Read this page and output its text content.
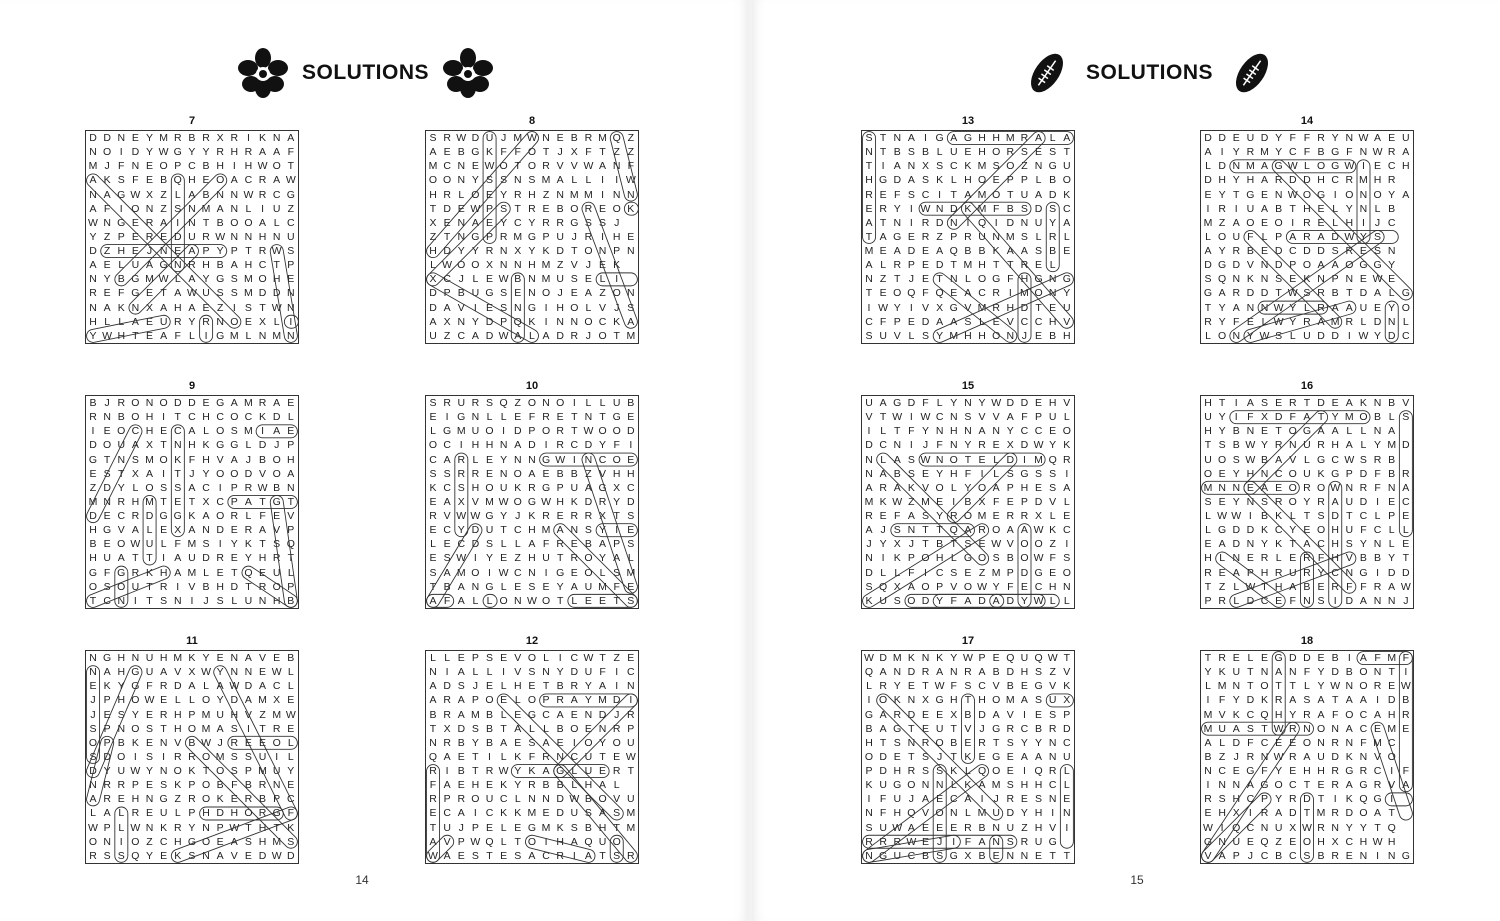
SOLUTIONS
14
SOLUTIONS
15
7
D D N E Y M R B R X R I K N A
N O I D Y W G Y Y R H R A A F
M J F N E O P C B H I H W O T
A K S F E B Q H E O A C R A W
N A G W X Z L A B N N W R C G
A F I O N Z S N M A N L I U Z
W N G E R A I N T B O O A L C
Y Z P E R E D U R W N N H N U
D Z H E J N E A P Y P T R W S
A E L U A G N R H B A H C T P
N Y B G M W L A Y G S M O H E
R E F G E T A W U S S M D D N
N A K N X A H A E Z I S T W N
H L L A E U R Y R N O E X L I
Y W H T E A F L I G M L N M N
8
S R W D U J M W N E B R M Q Z
A E B G K F F O T J X F T Z Z
M C N E W O T O R V V W A N F
O O N Y S S N S M A L L I	I W
H R L O E Y R H Z N M M I N N
T D E W P S T R E B O R E O K
X E N A E Y C Y R R G S S J
Z T N G P R M G P U J R I H E
H D Y Y R N X Y K D T O N P N
L W O O X N N H M Z V J E K
X C J L E W B N M U S E L I
D P B U G S E N O J E A Z O N
D A V I E S N G I H O L V J S
A X N Y D P Q K I N N O C K A
U Z C A D W A L A D R J O T M
9
B J R O N O D D E G A M R A E
R N B O H I T C H C O C K D L
I E O C H E C A L O S M I A E
D O U A X T N H K G G L D J P
G T N S M O K F H V A J B O H
E S T X A I T J Y O O D V O A
Z D Y L O S S A C I P R W B N
M N R H M T E T X C P A T G T
D E C R D G G K A O R L F E V
H G V A L E X A N D E R A V P
B E O W U L F M S I Y K T S Q
H U A T T I A U D R E Y H R T
G F G R K H A M L E T Q E U L
O S O U T R I V B H D T R O P
T C N I T S N I J S L U N H B
10
S R U R S Q Z O N O I L L U B
E I G N L L E F R E T N T G E
L G M U O I D P O R T W O O D
O C I H H N A D I R C D Y F I
C A R L E Y N N G W I N C O E
S S R R E N O A E B B Z V H H
K C S H O U K R G P U A G X C
E A X V M W O G W H K D R Y D
R V W W G Y J K R E R R X T S
E C Y D U T C H M A N S Y I E
L E C D S L L A F R E B A P S
E S W I Y E Z H U T R O Y A L
S A M O I W C N I G E O L S M
T B A N G L E S E Y A U M F E
A F A L L O N W O T L E E T S
11
N G H N U H M K Y E N A V E B
N A H G U A V X W Y N N E W L
E K Y G F R D A L A W D A C L
J P H O W E L L O Y D A M X E
J E S Y E R H P M U H V Z M W
S P N O S T H O M A S I T R E
O P B K E N V B W J R E E O L
S D O I S I R R O M S S U I L
D Y U W Y N O K T O S P M U Y
N R R P E S K P O B F B R N E
A R E H N G Z R O K E R B P C
L A L R E U L P H D H O R G F
W P L W N K R Y N P W T H T K
O N I O Z C H G O E A S H M S
R S S Q Y E K S N A V E D W D
12
L L E P S E V O L I C W T Z E
N I A L L I V S N Y D U F I C
A D S J E L H E T B R Y A I N
A R A P O E L O P R A Y M D I
B R A M B L E G C A E N D J R
T X D S B T A L L B O E N R P
N R B Y B A E S A E I O Y O U
Q A E T I L K F R N C U T E W
R I B T R W Y K A G L U E R T
F A E H E K Y R B B L H A L
R P R O U C L N N D W B O V U
E C A I C K K M E D U S A S M
T U J P E L E G M K S B H T M
A V P W Q L T O I H A Q U O
W A E S T E S A C R I A T S R
13
S T N A I G A G H H M R A L A
N T B S B L U E H O R S E S T
T I A N X S C K M S O Z N G U
H G D A S K L H O E P P L B O
R E F S C I T A M O T U A D K
E R Y I W N D K M F B S D S C
A T N I R D N I Q I D N U Y A
T A G E R Z P R U N M S L R L
M E A D E A Q B B K A A S B E
A L R P E D T M H T T R E L
N Z T J E T N L O G F H G N G
T E O Q F Q E A C R I M O N Y
I W Y I V X G V M R H D T E U
C F P E D A A S L E V C C H V
S U V L S Y M H H O N J E B H
14
D D E U D Y F F R Y N W A E U
A I Y R M Y C F B G F N W R A
L D N M A G W L O G W I E C H
D H Y H A R D D H C R M H R
E Y T G E N W O G I O N O Y A
I R I U A B T H E L Y N L B
M Z A O E O I R E L H I J C
L O U F L P A R A D W Y S
A Y R B E D C D D S R E S N
D G D V N D P O A A O G G Y
S Q N K N S E K N P N E W E
G A R D D T W S R B T D A L G
T Y A N N W Y L R A A U E Y O
R Y F E L W Y R A M R L D N L
L O N Y W S L U D D I W Y D C
15
U A G D F L Y N Y W D D E H V
V T W I W C N S V V A F P U L
I L T F Y N H N A N Y C C E O
D C N I J F N Y R E X D W Y K
N L A S W N O T E L D I M Q R
N A B S E Y H F I L S G S S I
A R A K V O L Y O A P H E S A
M K W Z M E I B X F E P D V L
R E F A S Y R O M E R R X L E
A J S N T T Q A R O A A W K C
J Y X J T B T S E W V O O Z I
N I K P O H L G O S B O W F S
D L L F I C S E Z M P D G E O
S Q X A O P V O W Y F E C H N
K U S O D Y F A D A D Y W L L
16
H T I A S E R T D E A K N B V
U Y I F X D F A T Y M O B L S
H Y B N E T O G A A L L N A
T S B W Y R N U R H A L Y M D
U O S W B A V L G C W S R B
O E Y H N C O U K G P D F B R
M N N E A E O R O W N R F N A
S E Y N S R O Y R A U D I E C
L W W I B K L T S D T C L P E
L G D D K C Y E O H U F C L L
E A D N Y K T A C H S Y N L E
H L N E R L E R F H V B B Y T
R E A P H R U R Y C N G I D D
T Z L W T H A B E R F F R A W
P R L D C E F N S I D A N N J
17
W D M K N K Y W P E Q U Q W T
Q A N D R A N R A B D H S Z V
L R Y E T W F S C V B E G V K
I O K N X G H T H O M A S U X
G A R D E E X B D A V I E S P
B A G T E U T V J G R C B R D
H T S N R O B E R T S Y Y N C
O D E T S J T K E G E A A N U
P D H R S S K L Q O E I Q R L
K U G O N N L K A M S H H C L
I F U J A E C A I J R E S N E
N F H Q V O N L M U D Y H I N
S U W A E E E R B N U Z H V I
R R R W E J I F A N S R U G
N G U C B S G X B E N N E T T
18
T R E L E G D D E B I A F M F
Y K U T N A N F Y D B O N T I
L M N T O T T L Y W N O R E W
I F Y D K R A S A T A A I D B
M V K C Q H Y R A F O C A H R
M U A S T W R N O N A C E M E
A L D F C E E O N R N F M C
B Z J R N W R A U D K N V O
N C E G F Y E H H R G R C I F
I N N A G O C T E R A G R V A
R S H C P Y R D T I K Q G I
E H X I R A D T M R D O A T
W I Q C N U X W R N Y Y T Q
G N U E Q Z E O H X C H W H
V A P J C B C S B R E N I N G
